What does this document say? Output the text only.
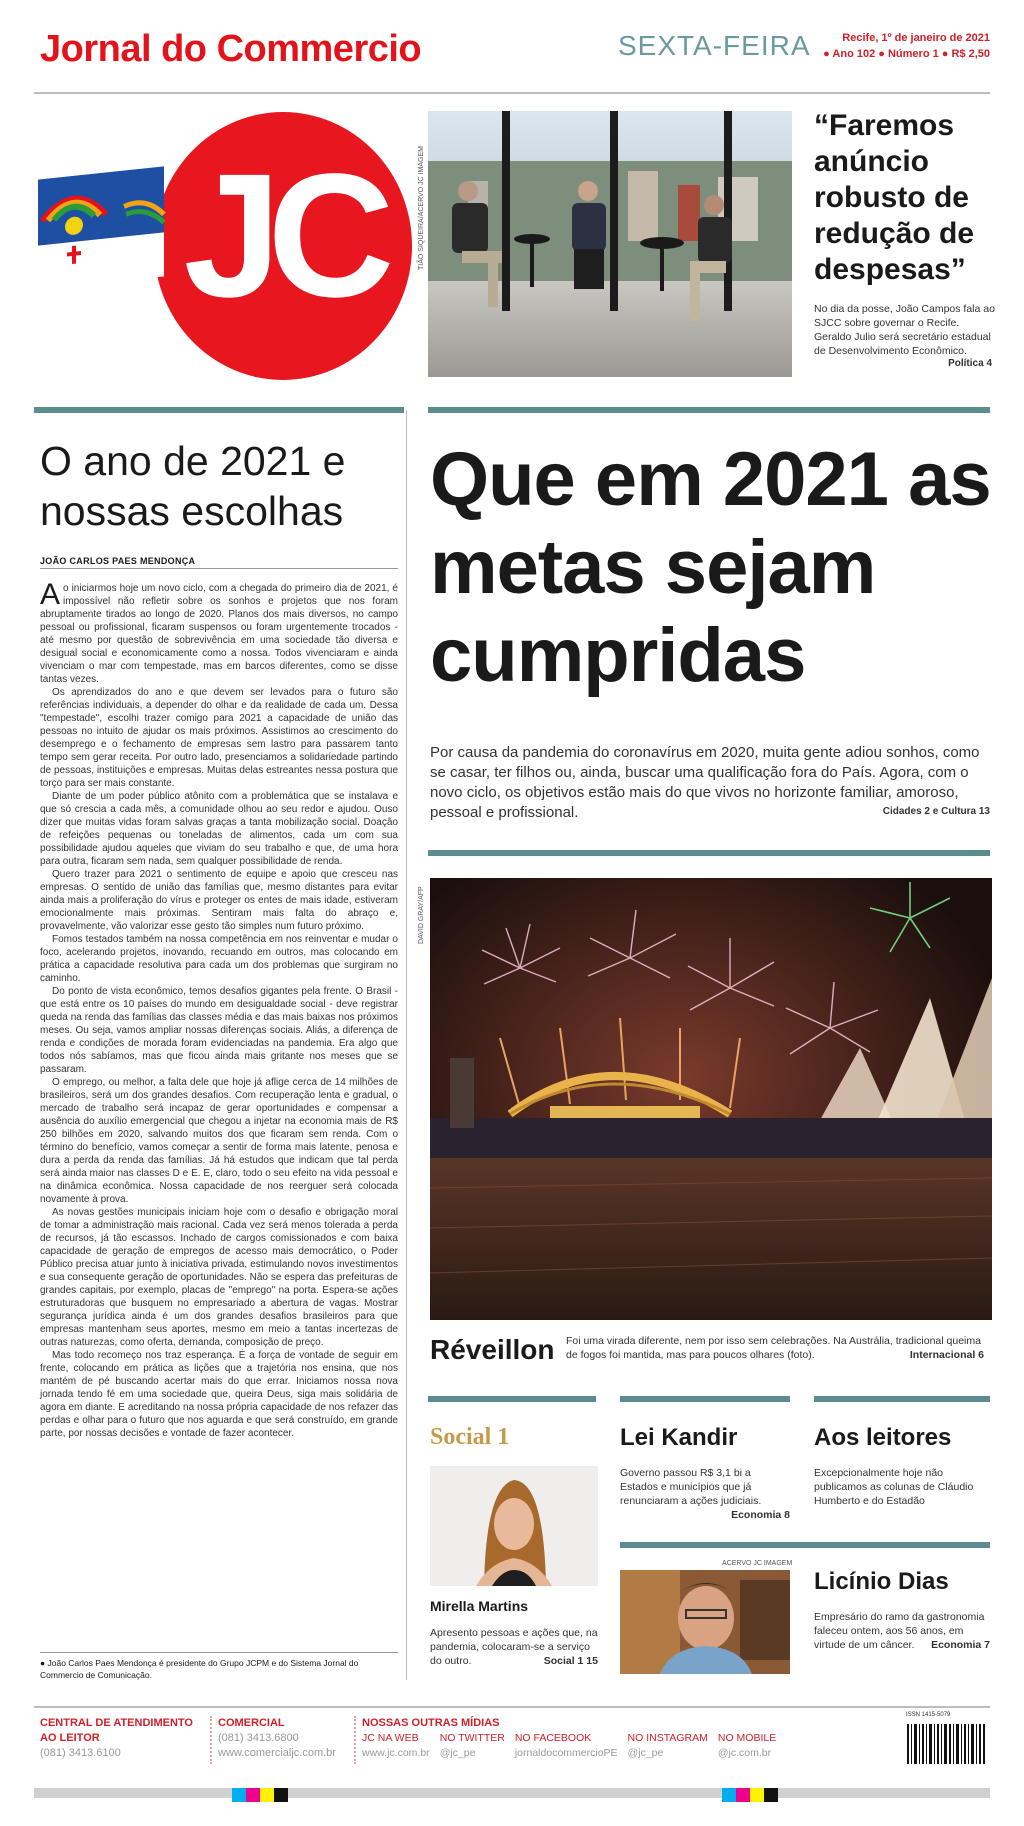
Jornal do Commercio	SEXTA-FEIRA	Recife, 1º de janeiro de 2021
● Ano 102 ● Número 1 ● R$ 2,50
JC	TIÃO SIQUEIRA/ACERVO JC IMAGEM
“Faremos anúncio robusto de redução de despesas”
No dia da posse, João Campos fala ao SJCC sobre governar o Recife. Geraldo Julio será secretário estadual de Desenvolvimento Econômico.
Política 4
O ano de 2021 e nossas escolhas
JOÃO CARLOS PAES MENDONÇA

Ao iniciarmos hoje um novo ciclo, com a chegada do primeiro dia de 2021, é impossível não refletir sobre os sonhos e projetos que nos foram abruptamente tirados ao longo de 2020. Planos dos mais diversos, no campo pessoal ou profissional, ficaram suspensos ou foram urgentemente trocados - até mesmo por questão de sobrevivência em uma sociedade tão diversa e desigual social e economicamente como a nossa. Todos vivenciaram e ainda vivenciam o mar com tempestade, mas em barcos diferentes, como se disse tantas vezes.

Os aprendizados do ano e que devem ser levados para o futuro são referências individuais, a depender do olhar e da realidade de cada um. Dessa "tempestade", escolhi trazer comigo para 2021 a capacidade de união das pessoas no intuito de ajudar os mais próximos. Assistimos ao crescimento do desemprego e o fechamento de empresas sem lastro para passarem tanto tempo sem gerar receita. Por outro lado, presenciamos a solidariedade partindo de pessoas, instituições e empresas. Muitas delas estreantes nessa postura que torço para ser mais constante.

Diante de um poder público atônito com a problemática que se instalava e que só crescia a cada mês, a comunidade olhou ao seu redor e ajudou. Ouso dizer que muitas vidas foram salvas graças a tanta mobilização social. Doação de refeições pequenas ou toneladas de alimentos, cada um com sua possibilidade ajudou aqueles que viviam do seu trabalho e que, de uma hora para outra, ficaram sem nada, sem qualquer possibilidade de renda.

Quero trazer para 2021 o sentimento de equipe e apoio que cresceu nas empresas. O sentido de união das famílias que, mesmo distantes para evitar ainda mais a proliferação do vírus e proteger os entes de mais idade, estiveram emocionalmente mais próximas. Sentiram mais falta do abraço e, provavelmente, vão valorizar esse gesto tão simples num futuro próximo.

Fomos testados também na nossa competência em nos reinventar e mudar o foco, acelerando projetos, inovando, recuando em outros, mas colocando em prática a capacidade resolutiva para cada um dos problemas que surgiram no caminho.

Do ponto de vista econômico, temos desafios gigantes pela frente. O Brasil - que está entre os 10 países do mundo em desigualdade social - deve registrar queda na renda das famílias das classes média e das mais baixas nos próximos meses. Ou seja, vamos ampliar nossas diferenças sociais. Aliás, a diferença de renda e condições de morada foram evidenciadas na pandemia. Era algo que todos nós sabíamos, mas que ficou ainda mais gritante nos meses que se passaram.

O emprego, ou melhor, a falta dele que hoje já aflige cerca de 14 milhões de brasileiros, será um dos grandes desafios. Com recuperação lenta e gradual, o mercado de trabalho será incapaz de gerar oportunidades e compensar a ausência do auxílio emergencial que chegou a injetar na economia mais de R$ 250 bilhões em 2020, salvando muitos dos que ficaram sem renda. Com o término do benefício, vamos começar a sentir de forma mais latente, penosa e dura a perda da renda das famílias. Já há estudos que indicam que tal perda será ainda maior nas classes D e E. E, claro, todo o seu efeito na vida pessoal e na dinâmica econômica. Nossa capacidade de nos reerguer será colocada novamente à prova.

As novas gestões municipais iniciam hoje com o desafio e obrigação moral de tomar a administração mais racional. Cada vez será menos tolerada a perda de recursos, já tão escassos. Inchado de cargos comissionados e com baixa capacidade de geração de empregos de acesso mais democrático, o Poder Público precisa atuar junto à iniciativa privada, estimulando novos investimentos e sua consequente geração de oportunidades. Não se espera das prefeituras de grandes capitais, por exemplo, placas de "emprego" na porta. Espera-se ações estruturadoras que busquem no empresariado a abertura de vagas. Mostrar segurança jurídica ainda é um dos grandes desafios brasileiros para que empresas mantenham seus aportes, mesmo em meio a tantas incertezas de outras naturezas, como oferta, demanda, composição de preço.

Mas todo recomeço nos traz esperança. É a força de vontade de seguir em frente, colocando em prática as lições que a trajetória nos ensina, que nos mantém de pé buscando acertar mais do que errar. Iniciamos nossa nova jornada tendo fé em uma sociedade que, queira Deus, siga mais solidária de agora em diante. E acreditando na nossa própria capacidade de nos refazer das perdas e olhar para o futuro que nos aguarda e que será construído, em grande parte, por nossas decisões e vontade de fazer acontecer.

● João Carlos Paes Mendonça é presidente do Grupo JCPM e do Sistema Jornal do Commercio de Comunicação.
Que em 2021 as metas sejam cumpridas
Por causa da pandemia do coronavírus em 2020, muita gente adiou sonhos, como se casar, ter filhos ou, ainda, buscar uma qualificação fora do País. Agora, com o novo ciclo, os objetivos estão mais do que vivos no horizonte familiar, amoroso, pessoal e profissional.	Cidades 2 e Cultura 13
DAVID GRAY/AFP
Réveillon Foi uma virada diferente, nem por isso sem celebrações. Na Austrália, tradicional queima de fogos foi mantida, mas para poucos olhares (foto).	Internacional 6
Social 1
Mirella Martins
Apresento pessoas e ações que, na pandemia, colocaram-se a serviço do outro.	Social 1 15
Lei Kandir
Governo passou R$ 3,1 bi a Estados e municípios que já renunciaram a ações judiciais.
Economia 8
Aos leitores
Excepcionalmente hoje não publicamos as colunas de Cláudio Humberto e do Estadão
ACERVO JC IMAGEM
Licínio Dias
Empresário do ramo da gastronomia faleceu ontem, aos 56 anos, em virtude de um câncer. Economia 7
CENTRAL DE ATENDIMENTO AO LEITOR
(081) 3413.6100
COMERCIAL
(081) 3413.6800
www.comercialjc.com.br
NOSSAS OUTRAS MÍDIAS
JC NA WEB
www.jc.com.br
NO TWITTER
@jc_pe
NO FACEBOOK
jornaldocommercioPE
NO INSTAGRAM
@jc_pe
NO MOBILE
@jc.com.br
ISSN 1415-5079
